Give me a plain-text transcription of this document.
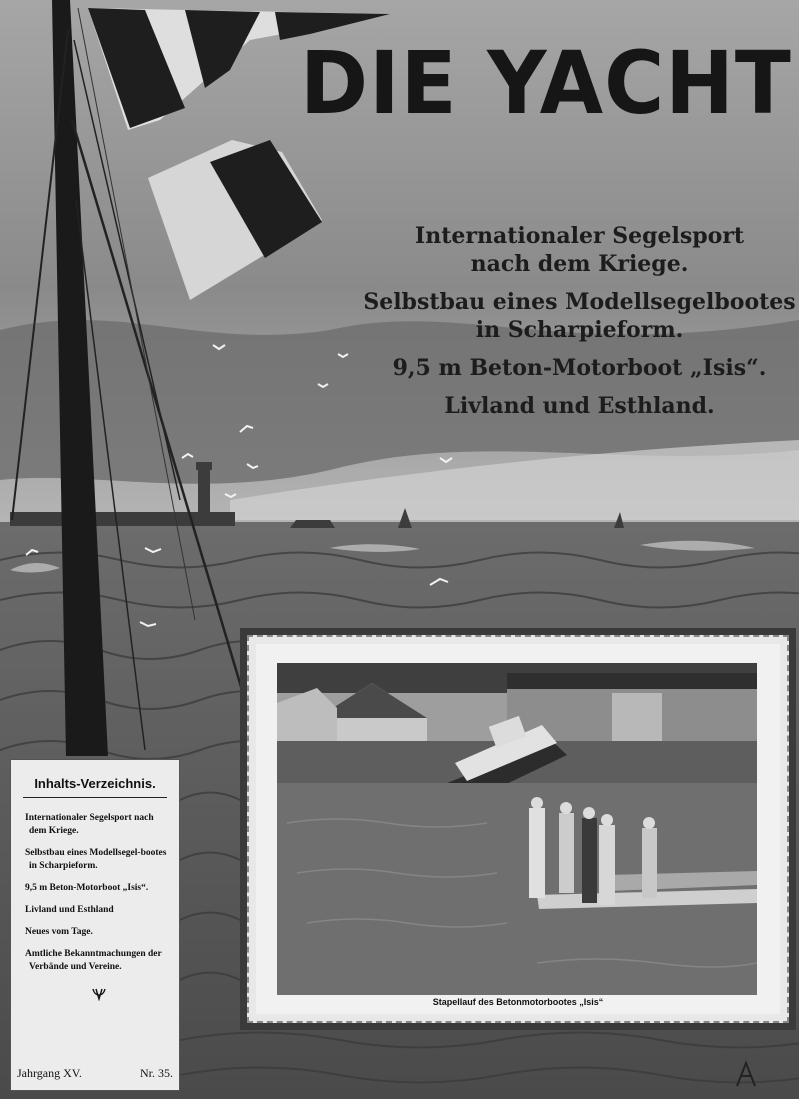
DIE YACHT

Internationaler Segelsport
nach dem Kriege.

Selbstbau eines Modellsegelbootes
in Scharpieform.

9,5 m Beton-Motorboot „Isis“.

Livland und Esthland.

Inhalts-Verzeichnis.
Internationaler Segelsport nach dem Kriege.
Selbstbau eines Modellsegel-bootes in Scharpieform.
9,5 m Beton-Motorboot „Isis“.
Livland und Esthland
Neues vom Tage.
Amtliche Bekanntmachungen der Verbände und Vereine.
Jahrgang XV.	Nr. 35.
Stapellauf des Betonmotorbootes „Isis“
